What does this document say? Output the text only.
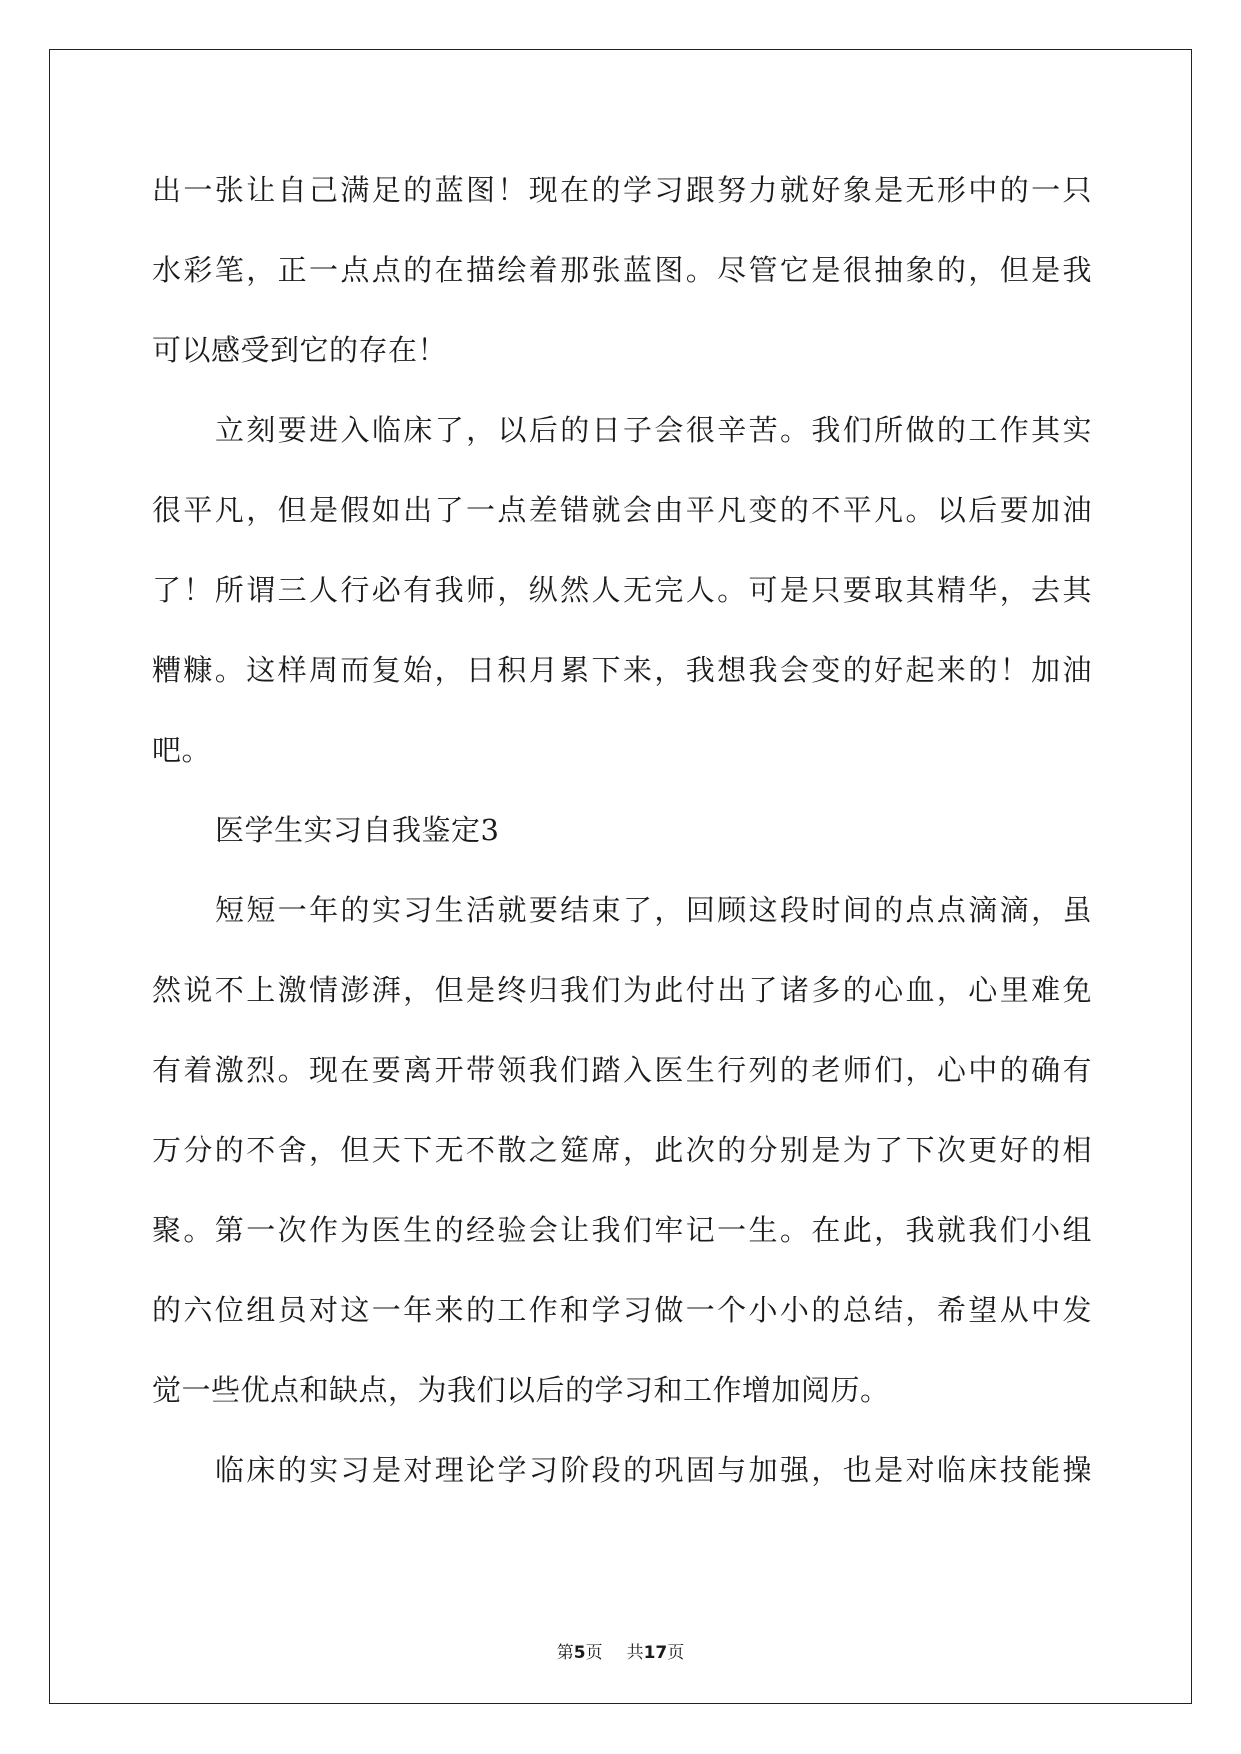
出一张让自己满足的蓝图！现在的学习跟努力就好象是无形中的一只
水彩笔，正一点点的在描绘着那张蓝图。尽管它是很抽象的，但是我
可以感受到它的存在！
立刻要进入临床了，以后的日子会很辛苦。我们所做的工作其实
很平凡，但是假如出了一点差错就会由平凡变的不平凡。以后要加油
了！所谓三人行必有我师，纵然人无完人。可是只要取其精华，去其
糟糠。这样周而复始，日积月累下来，我想我会变的好起来的！加油
吧。
医学生实习自我鉴定3
短短一年的实习生活就要结束了，回顾这段时间的点点滴滴，虽
然说不上激情澎湃，但是终归我们为此付出了诸多的心血，心里难免
有着激烈。现在要离开带领我们踏入医生行列的老师们，心中的确有
万分的不舍，但天下无不散之筵席，此次的分别是为了下次更好的相
聚。第一次作为医生的经验会让我们牢记一生。在此，我就我们小组
的六位组员对这一年来的工作和学习做一个小小的总结，希望从中发
觉一些优点和缺点，为我们以后的学习和工作增加阅历。
临床的实习是对理论学习阶段的巩固与加强，也是对临床技能操
第5页 共17页
